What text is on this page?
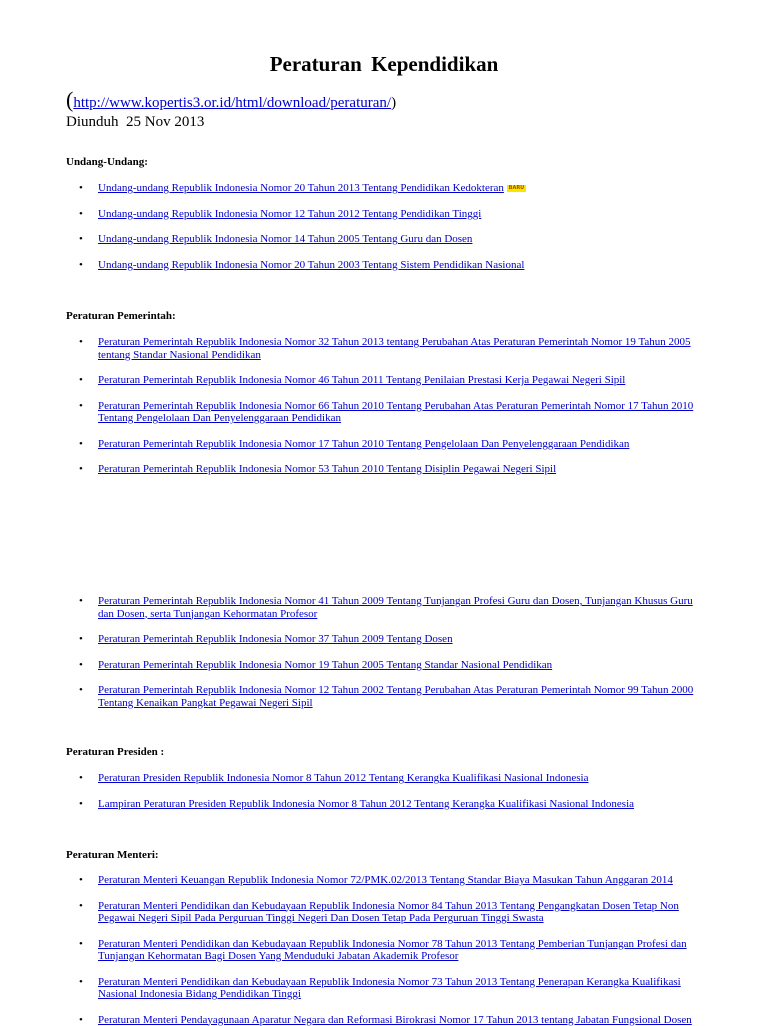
Peraturan Kependidikan
(http://www.kopertis3.or.id/html/download/peraturan/)
Diunduh  25 Nov 2013
Undang-Undang:
• Undang-undang Republik Indonesia Nomor 20 Tahun 2013 Tentang Pendidikan Kedokteran BARU
• Undang-undang Republik Indonesia Nomor 12 Tahun 2012 Tentang Pendidikan Tinggi
• Undang-undang Republik Indonesia Nomor 14 Tahun 2005 Tentang Guru dan Dosen
• Undang-undang Republik Indonesia Nomor 20 Tahun 2003 Tentang Sistem Pendidikan Nasional
Peraturan Pemerintah:
• Peraturan Pemerintah Republik Indonesia Nomor 32 Tahun 2013 tentang Perubahan Atas Peraturan Pemerintah Nomor 19 Tahun 2005 tentang Standar Nasional Pendidikan
• Peraturan Pemerintah Republik Indonesia Nomor 46 Tahun 2011 Tentang Penilaian Prestasi Kerja Pegawai Negeri Sipil
• Peraturan Pemerintah Republik Indonesia Nomor 66 Tahun 2010 Tentang Perubahan Atas Peraturan Pemerintah Nomor 17 Tahun 2010 Tentang Pengelolaan Dan Penyelenggaraan Pendidikan
• Peraturan Pemerintah Republik Indonesia Nomor 17 Tahun 2010 Tentang Pengelolaan Dan Penyelenggaraan Pendidikan
• Peraturan Pemerintah Republik Indonesia Nomor 53 Tahun 2010 Tentang Disiplin Pegawai Negeri Sipil
• Peraturan Pemerintah Republik Indonesia Nomor 41 Tahun 2009 Tentang Tunjangan Profesi Guru dan Dosen, Tunjangan Khusus Guru dan Dosen, serta Tunjangan Kehormatan Profesor
• Peraturan Pemerintah Republik Indonesia Nomor 37 Tahun 2009 Tentang Dosen
• Peraturan Pemerintah Republik Indonesia Nomor 19 Tahun 2005 Tentang Standar Nasional Pendidikan
• Peraturan Pemerintah Republik Indonesia Nomor 12 Tahun 2002 Tentang Perubahan Atas Peraturan Pemerintah Nomor 99 Tahun 2000 Tentang Kenaikan Pangkat Pegawai Negeri Sipil
Peraturan Presiden :
• Peraturan Presiden Republik Indonesia Nomor 8 Tahun 2012 Tentang Kerangka Kualifikasi Nasional Indonesia
• Lampiran Peraturan Presiden Republik Indonesia Nomor 8 Tahun 2012 Tentang Kerangka Kualifikasi Nasional Indonesia
Peraturan Menteri:
• Peraturan Menteri Keuangan Republik Indonesia Nomor 72/PMK.02/2013 Tentang Standar Biaya Masukan Tahun Anggaran 2014
• Peraturan Menteri Pendidikan dan Kebudayaan Republik Indonesia Nomor 84 Tahun 2013 Tentang Pengangkatan Dosen Tetap Non Pegawai Negeri Sipil Pada Perguruan Tinggi Negeri Dan Dosen Tetap Pada Perguruan Tinggi Swasta
• Peraturan Menteri Pendidikan dan Kebudayaan Republik Indonesia Nomor 78 Tahun 2013 Tentang Pemberian Tunjangan Profesi dan Tunjangan Kehormatan Bagi Dosen Yang Menduduki Jabatan Akademik Profesor
• Peraturan Menteri Pendidikan dan Kebudayaan Republik Indonesia Nomor 73 Tahun 2013 Tentang Penerapan Kerangka Kualifikasi Nasional Indonesia Bidang Pendidikan Tinggi
• Peraturan Menteri Pendayagunaan Aparatur Negara dan Reformasi Birokrasi Nomor 17 Tahun 2013 tentang Jabatan Fungsional Dosen
